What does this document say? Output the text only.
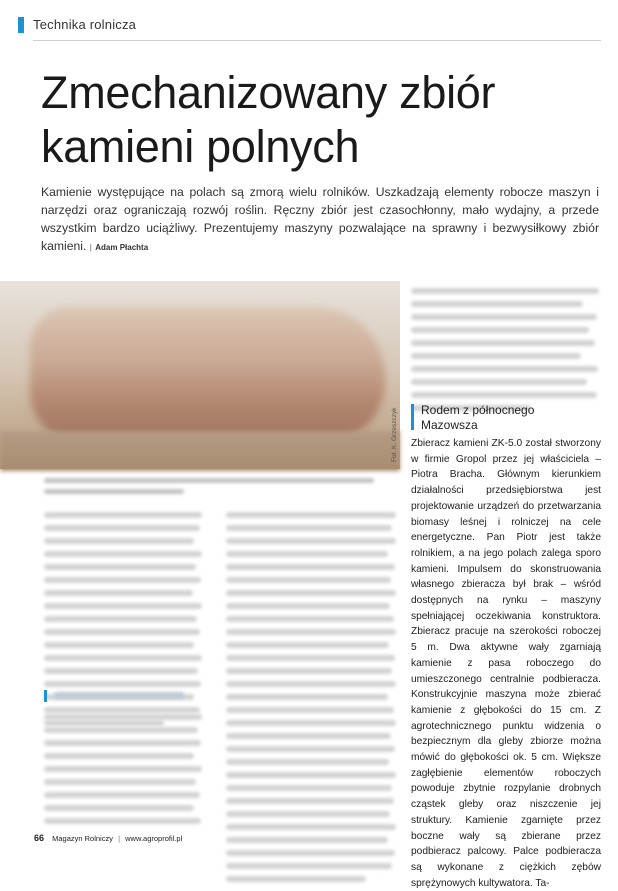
Technika rolnicza
Zmechanizowany zbiór
kamieni polnych
Kamienie występujące na polach są zmorą wielu rolników. Uszkadzają elementy robocze maszyn i narzędzi oraz ograniczają rozwój roślin. Ręczny zbiór jest czasochłonny, mało wydajny, a przede wszystkim bardzo uciążliwy. Prezentujemy maszyny pozwalające na sprawny i bezwysiłkowy zbiór kamieni. | Adam Płachta
Fot. K. Grzeszczyk Rodem z północnego Mazowsza
Zbieracz kamieni ZK-5.0 został stworzony w firmie Gropol przez jej właściciela – Piotra Bracha. Głównym kierunkiem działalności przedsiębiorstwa jest projektowanie urządzeń do przetwarzania biomasy leśnej i rolniczej na cele energetyczne. Pan Piotr jest także rolnikiem, a na jego polach zalega sporo kamieni. Impulsem do skonstruowania własnego zbieracza był brak – wśród dostępnych na rynku – maszyny spełniającej oczekiwania konstruktora. Zbieracz pracuje na szerokości roboczej 5 m. Dwa aktywne wały zgarniają kamienie z pasa roboczego do umieszczonego centralnie podbieracza. Konstrukcyjnie maszyna może zbierać kamienie z głębokości do 15 cm. Z agrotechnicznego punktu widzenia o bezpiecznym dla gleby zbiorze można mówić do głębokości ok. 5 cm. Większe zagłębienie elementów roboczych powoduje zbytnie rozpylanie drobnych cząstek gleby oraz niszczenie jej struktury. Kamienie zgarnięte przez boczne wały są zbierane przez podbieracz palcowy. Palce podbieracza są wykonane z ciężkich zębów sprężynowych kultywatora. Ta-
66 Magazyn Rolniczy | www.agroprofil.pl
